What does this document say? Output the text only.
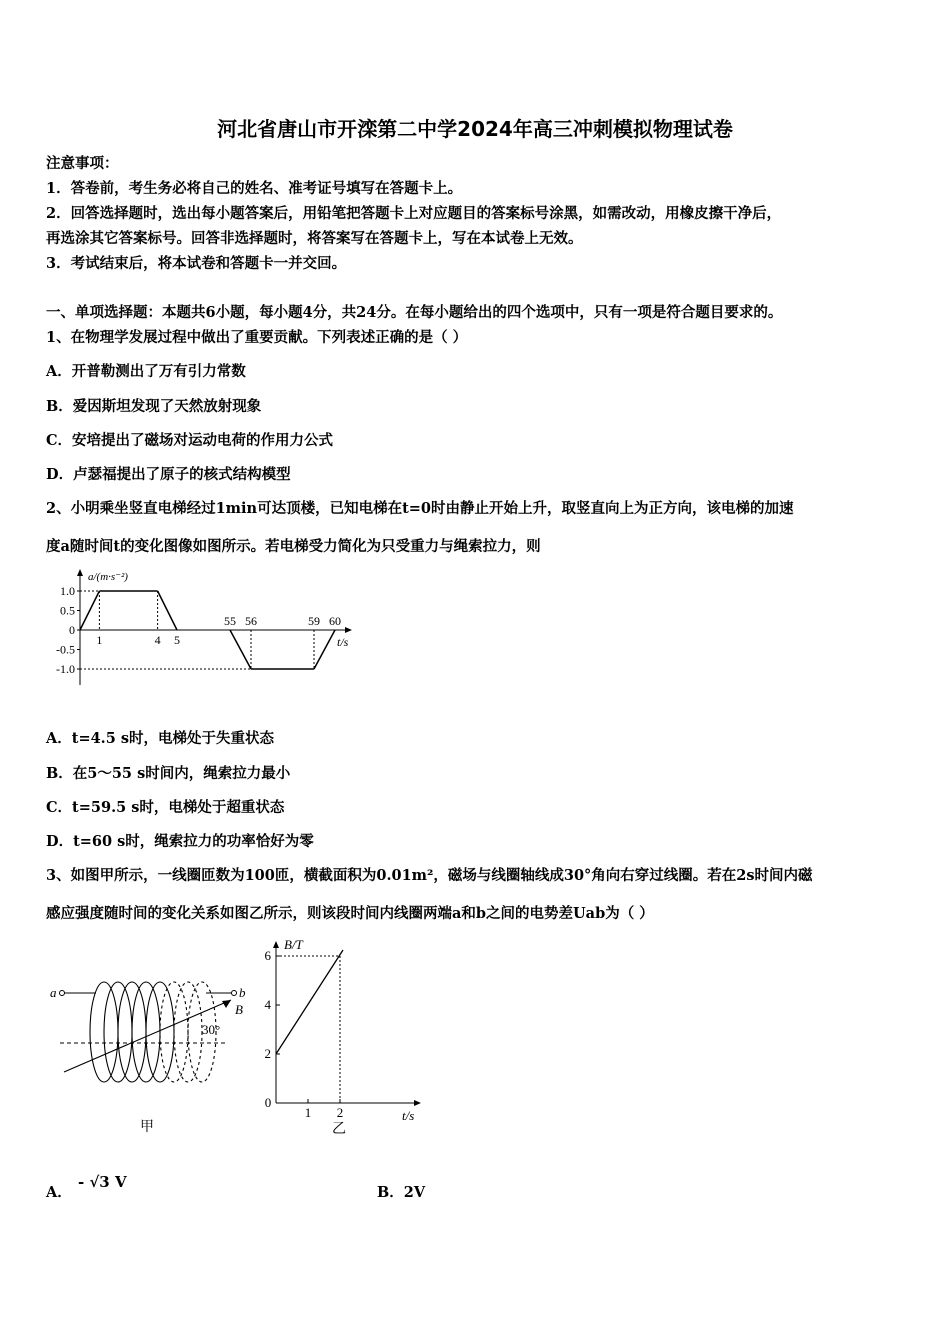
河北省唐山市开滦第二中学2024年高三冲刺模拟物理试卷
注意事项：
1．答卷前，考生务必将自己的姓名、准考证号填写在答题卡上。
2．回答选择题时，选出每小题答案后，用铅笔把答题卡上对应题目的答案标号涂黑，如需改动，用橡皮擦干净后，
再选涂其它答案标号。回答非选择题时，将答案写在答题卡上，写在本试卷上无效。
3．考试结束后，将本试卷和答题卡一并交回。
一、单项选择题：本题共6小题，每小题4分，共24分。在每小题给出的四个选项中，只有一项是符合题目要求的。
1、在物理学发展过程中做出了重要贡献。下列表述正确的是（ ）
A．开普勒测出了万有引力常数
B．爱因斯坦发现了天然放射现象
C．安培提出了磁场对运动电荷的作用力公式
D．卢瑟福提出了原子的核式结构模型
2、小明乘坐竖直电梯经过1min可达顶楼，已知电梯在t=0时由静止开始上升，取竖直向上为正方向，该电梯的加速
度a随时间t的变化图像如图所示。若电梯受力简化为只受重力与绳索拉力，则
1.0
0.5
0
-0.5
-1.0
1	4 5
55 56	59 60
t/s
a/(m·s⁻²)
A．t=4.5 s时，电梯处于失重状态
B．在5～55 s时间内，绳索拉力最小
C．t=59.5 s时，电梯处于超重状态
D．t=60 s时，绳索拉力的功率恰好为零
3、如图甲所示，一线圈匝数为100匝，横截面积为0.01m²，磁场与线圈轴线成30°角向右穿过线圈。若在2s时间内磁
感应强度随时间的变化关系如图乙所示，则该段时间内线圈两端a和b之间的电势差Uab为（ ）
a	b
B
30°
甲
2
4
6
0
1 2	t/s
B/T
乙
A．
- √3 V
B．2V
